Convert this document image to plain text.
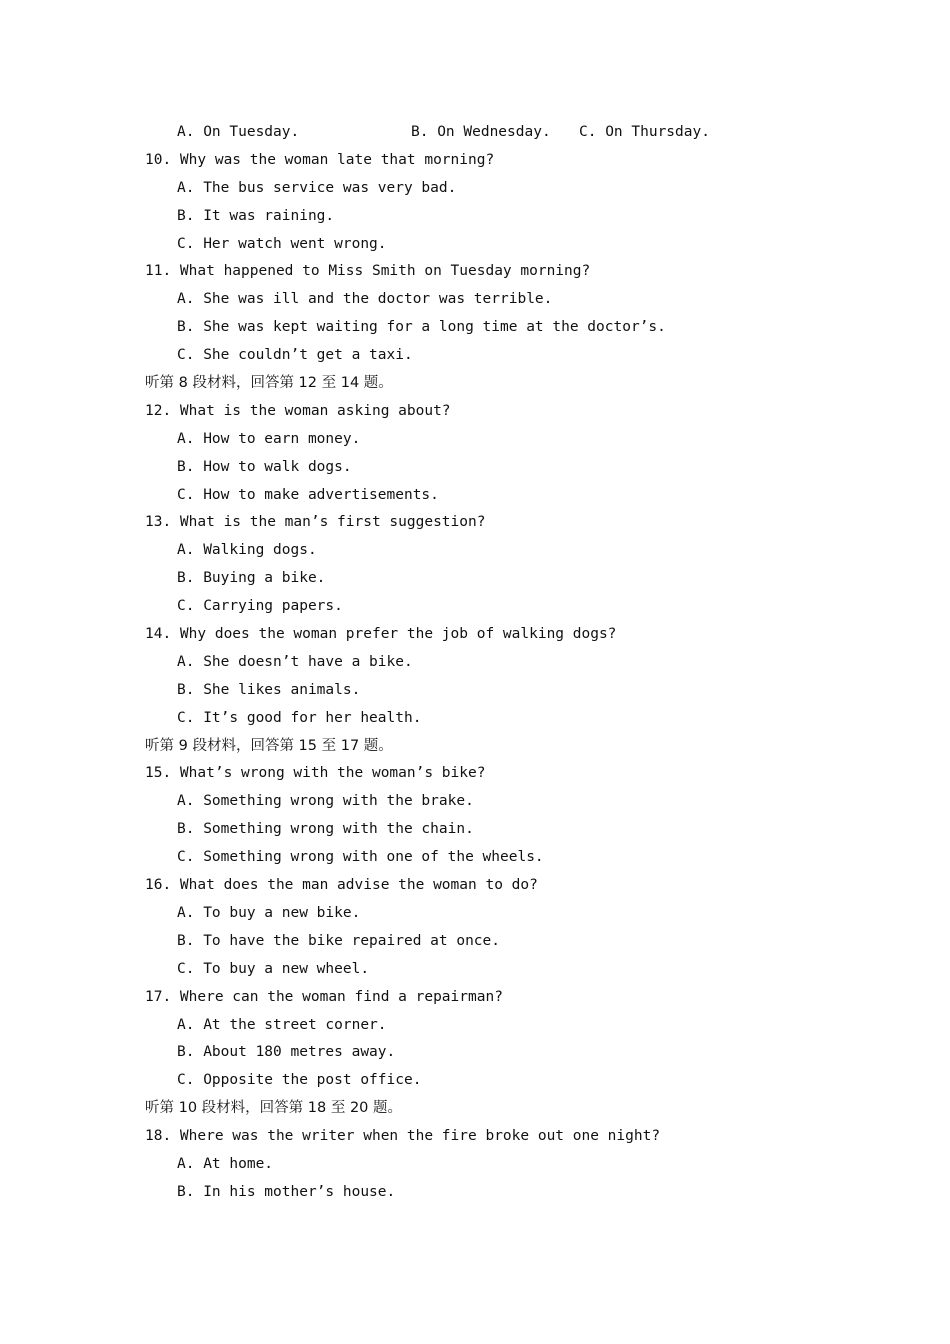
A. On Tuesday.

	B. On Wednesday.

C. On Thursday.

10. Why was the woman late that morning?
A. The bus service was very bad.
B. It was raining.
C. Her watch went wrong.
11. What happened to Miss Smith on Tuesday morning?
A. She was ill and the doctor was terrible.
B. She was kept waiting for a long time at the doctor’s.
C. She couldn’t get a taxi.
听第 8 段材料，回答第 12 至 14 题。
12. What is the woman asking about?
A. How to earn money.
B. How to walk dogs.
C. How to make advertisements.
13. What is the man’s first suggestion?
A. Walking dogs.
B. Buying a bike.
C. Carrying papers.
14. Why does the woman prefer the job of walking dogs?
A. She doesn’t have a bike.
B. She likes animals.
C. It’s good for her health.
听第 9 段材料，回答第 15 至 17 题。
15. What’s wrong with the woman’s bike?
A. Something wrong with the brake.
B. Something wrong with the chain.
C. Something wrong with one of the wheels.
16. What does the man advise the woman to do?
A. To buy a new bike.
B. To have the bike repaired at once.
C. To buy a new wheel.
17. Where can the woman find a repairman?
A. At the street corner.
B. About 180 metres away.
C. Opposite the post office.
听第 10 段材料，回答第 18 至 20 题。
18. Where was the writer when the fire broke out one night?
A. At home.
B. In his mother’s house.
